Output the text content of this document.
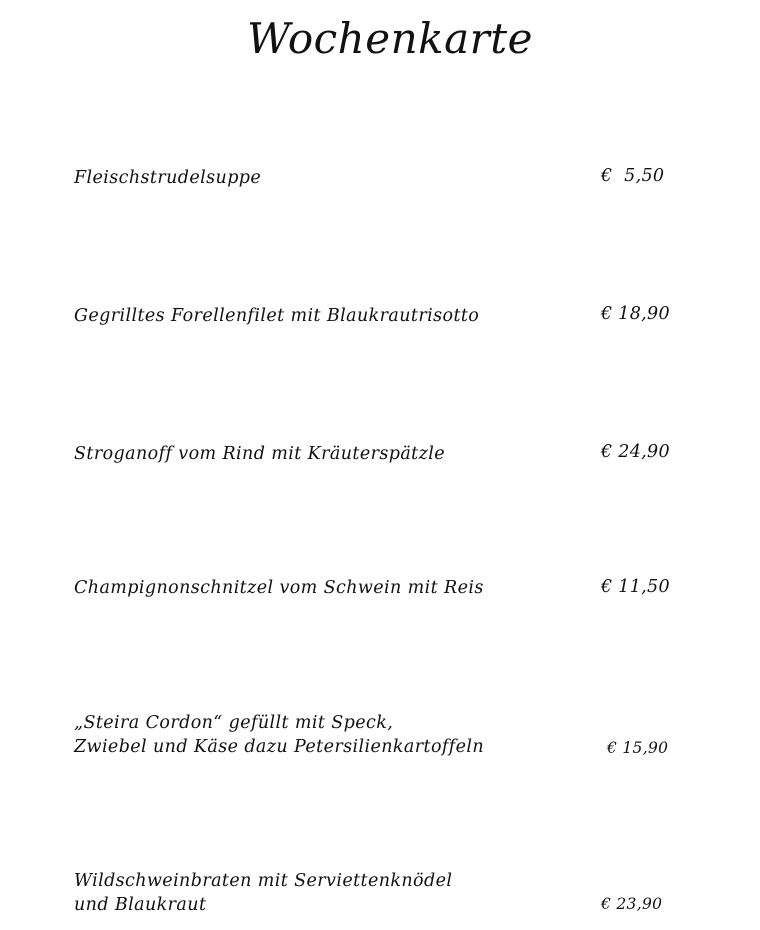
Wochenkarte
Fleischstrudelsuppe	€  5,50
Gegrilltes Forellenfilet mit Blaukrautrisotto	€ 18,90
Stroganoff vom Rind mit Kräuterspätzle	€ 24,90
Champignonschnitzel vom Schwein mit Reis	€ 11,50
„Steira Cordon“ gefüllt mit Speck,
Zwiebel und Käse dazu Petersilienkartoffeln	€ 15,90
Wildschweinbraten mit Serviettenknödel
und Blaukraut	€ 23,90
